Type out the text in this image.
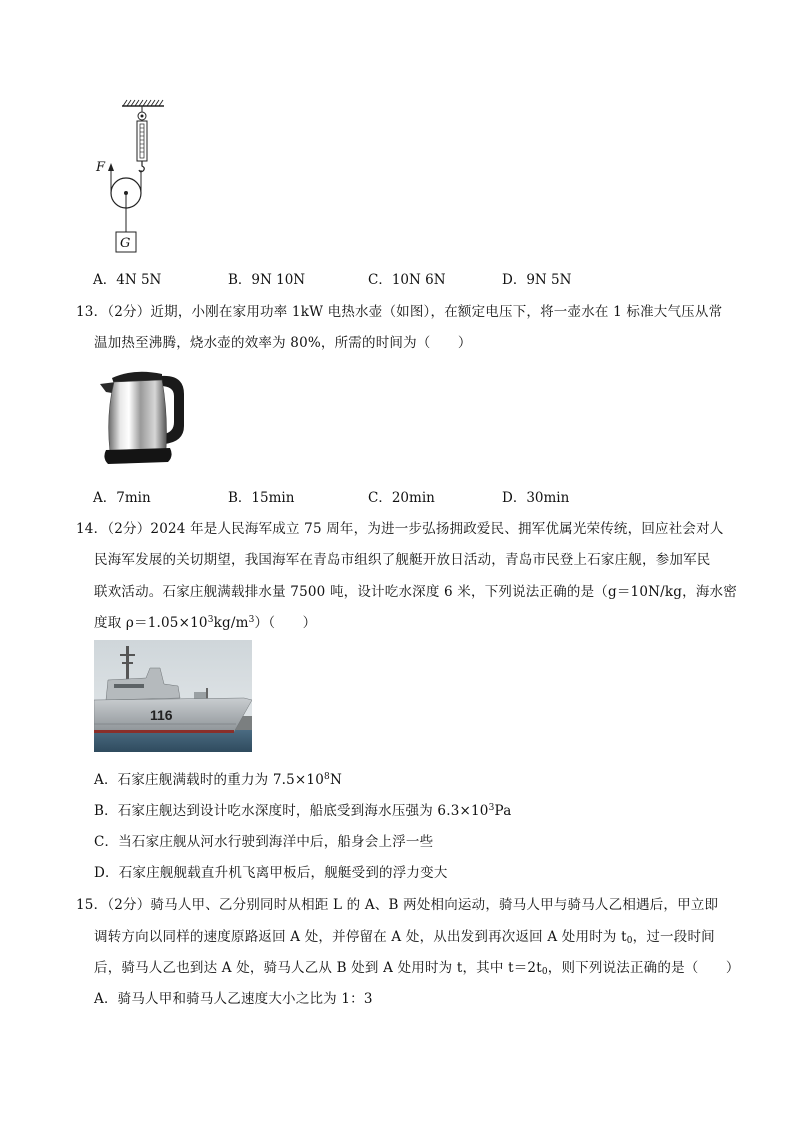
F
G
A．4N 5N	B．9N 10N	C．10N 6N	D．9N 5N
13．（2分）近期，小刚在家用功率 1kW 电热水壶（如图），在额定电压下，将一壶水在 1 标准大气压从常
温加热至沸腾，烧水壶的效率为 80%，所需的时间为（　　）
A．7min	B．15min	C．20min	D．30min
14．（2分）2024 年是人民海军成立 75 周年，为进一步弘扬拥政爱民、拥军优属光荣传统，回应社会对人
民海军发展的关切期望，我国海军在青岛市组织了舰艇开放日活动，青岛市民登上石家庄舰，参加军民
联欢活动。石家庄舰满载排水量 7500 吨，设计吃水深度 6 米，下列说法正确的是（g＝10N/kg，海水密
度取 $\rho=1.05\times 10^3kg/m^3$）（　　）
116
A．石家庄舰满载时的重力为 $7.5\times 10^8N$
B．石家庄舰达到设计吃水深度时，船底受到海水压强为 $6.3\times 10^3Pa$
C．当石家庄舰从河水行驶到海洋中后，船身会上浮一些
D．石家庄舰舰载直升机飞离甲板后，舰艇受到的浮力变大
15．（2分）骑马人甲、乙分别同时从相距 L 的 A、B 两处相向运动，骑马人甲与骑马人乙相遇后，甲立即
调转方向以同样的速度原路返回 A 处，并停留在 A 处，从出发到再次返回 A 处用时为 $t_0$，过一段时间
后，骑马人乙也到达 A 处，骑马人乙从 B 处到 A 处用时为 t，其中 $t=2t_0$，则下列说法正确的是（　　）
A．骑马人甲和骑马人乙速度大小之比为 1：3
